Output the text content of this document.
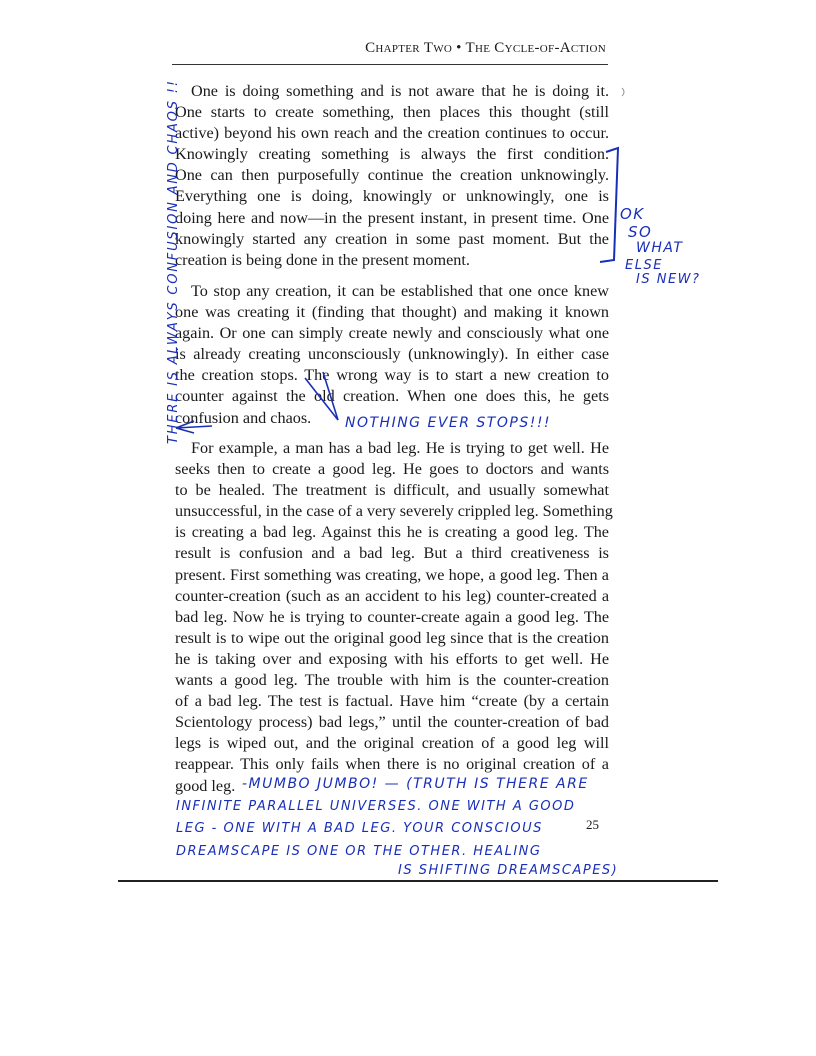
Chapter Two • The Cycle-of-Action
One is doing something and is not aware that he is doing it.
One starts to create something, then places this thought (still
active) beyond his own reach and the creation continues to occur.
Knowingly creating something is always the first condition.
One can then purposefully continue the creation unknowingly.
Everything one is doing, knowingly or unknowingly, one is
doing here and now—in the present instant, in present time. One
knowingly started any creation in some past moment. But the
creation is being done in the present moment.
To stop any creation, it can be established that one once knew
one was creating it (finding that thought) and making it known
again. Or one can simply create newly and consciously what one
is already creating unconsciously (unknowingly). In either case
the creation stops. The wrong way is to start a new creation to
counter against the old creation. When one does this, he gets
confusion and chaos.
For example, a man has a bad leg. He is trying to get well. He
seeks then to create a good leg. He goes to doctors and wants
to be healed. The treatment is difficult, and usually somewhat
unsuccessful, in the case of a very severely crippled leg. Something
is creating a bad leg. Against this he is creating a good leg. The
result is confusion and a bad leg. But a third creativeness is
present. First something was creating, we hope, a good leg. Then a
counter-creation (such as an accident to his leg) counter-created a
bad leg. Now he is trying to counter-create again a good leg. The
result is to wipe out the original good leg since that is the creation
he is taking over and exposing with his efforts to get well. He
wants a good leg. The trouble with him is the counter-creation
of a bad leg. The test is factual. Have him “create (by a certain
Scientology process) bad legs,” until the counter-creation of bad
legs is wiped out, and the original creation of a good leg will
reappear. This only fails when there is no original creation of a
good leg.
25
THERE IS ALWAYS CONFUSION AND CHAOS !!	OK
SO
WHAT
ELSE
IS NEW?
NOTHING EVER STOPS!!!
-MUMBO JUMBO! — (TRUTH IS THERE ARE
INFINITE PARALLEL UNIVERSES. ONE WITH A GOOD
LEG - ONE WITH A BAD LEG. YOUR CONSCIOUS
DREAMSCAPE IS ONE OR THE OTHER. HEALING
IS SHIFTING DREAMSCAPES)
